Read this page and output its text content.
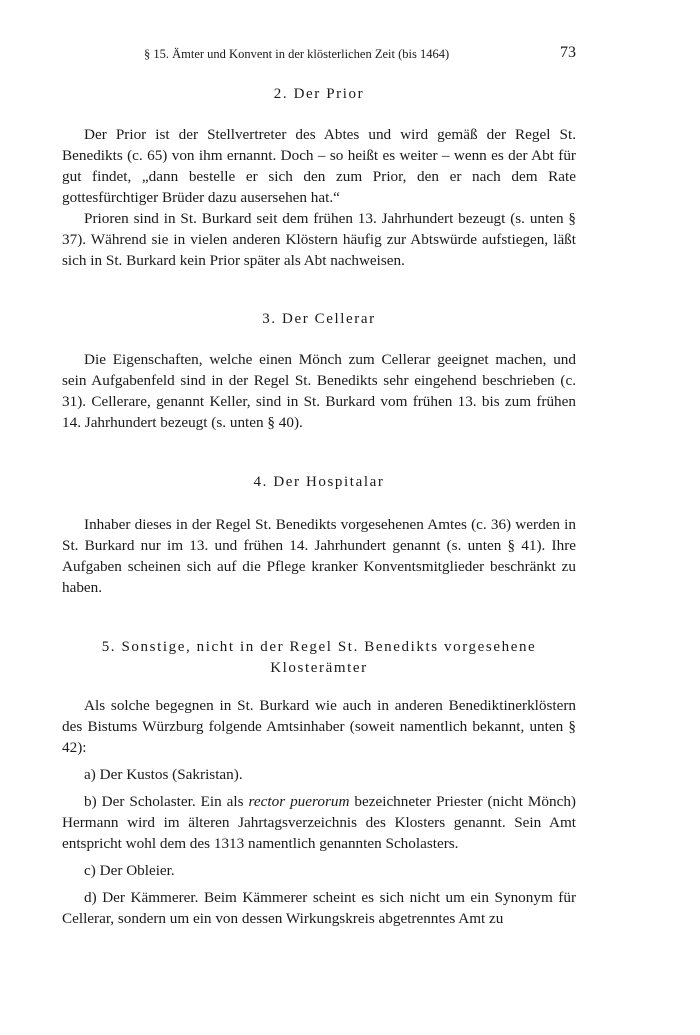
§ 15. Ämter und Konvent in der klösterlichen Zeit (bis 1464)	73
2. Der Prior

Der Prior ist der Stellvertreter des Abtes und wird gemäß der Regel St. Benedikts (c. 65) von ihm ernannt. Doch – so heißt es weiter – wenn es der Abt für gut findet, „dann bestelle er sich den zum Prior, den er nach dem Rate gottesfürchtiger Brüder dazu ausersehen hat.“

Prioren sind in St. Burkard seit dem frühen 13. Jahrhundert bezeugt (s. unten § 37). Während sie in vielen anderen Klöstern häufig zur Abtswürde aufstiegen, läßt sich in St. Burkard kein Prior später als Abt nachweisen.

3. Der Cellerar

Die Eigenschaften, welche einen Mönch zum Cellerar geeignet machen, und sein Aufgabenfeld sind in der Regel St. Benedikts sehr eingehend beschrieben (c. 31). Cellerare, genannt Keller, sind in St. Burkard vom frühen 13. bis zum frühen 14. Jahrhundert bezeugt (s. unten § 40).

4. Der Hospitalar

Inhaber dieses in der Regel St. Benedikts vorgesehenen Amtes (c. 36) werden in St. Burkard nur im 13. und frühen 14. Jahrhundert genannt (s. unten § 41). Ihre Aufgaben scheinen sich auf die Pflege kranker Konventsmitglieder beschränkt zu haben.

5. Sonstige, nicht in der Regel St. Benedikts vorgesehene
Klosterämter

Als solche begegnen in St. Burkard wie auch in anderen Benediktinerklöstern des Bistums Würzburg folgende Amtsinhaber (soweit namentlich bekannt, unten § 42):

a) Der Kustos (Sakristan).

b) Der Scholaster. Ein als rector puerorum bezeichneter Priester (nicht Mönch) Hermann wird im älteren Jahrtagsverzeichnis des Klosters genannt. Sein Amt entspricht wohl dem des 1313 namentlich genannten Scholasters.

c) Der Obleier.

d) Der Kämmerer. Beim Kämmerer scheint es sich nicht um ein Synonym für Cellerar, sondern um ein von dessen Wirkungskreis abgetrenntes Amt zu
